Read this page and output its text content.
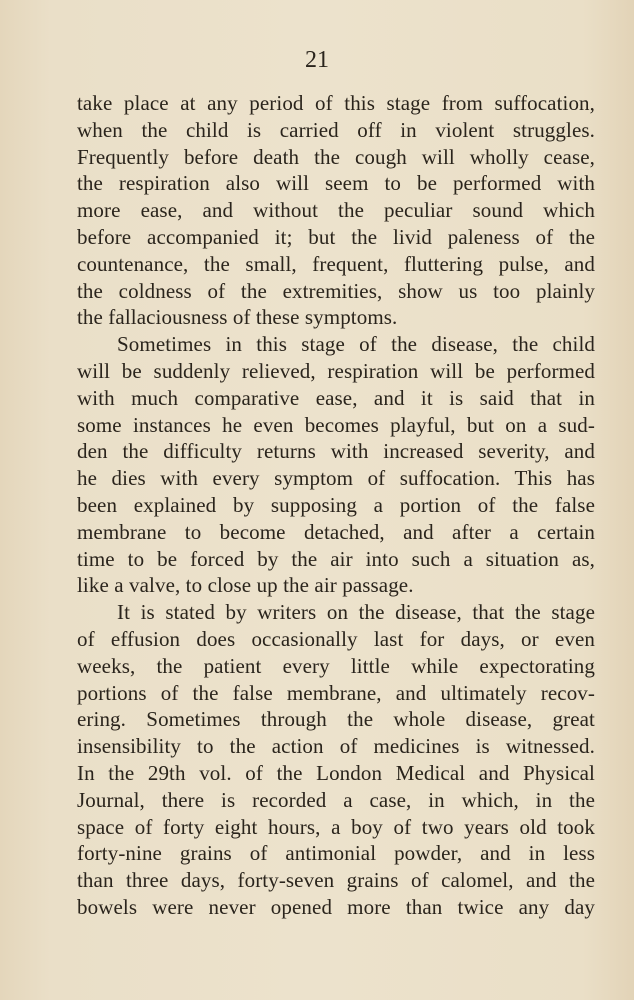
21
take place at any period of this stage from suffocation,
when the child is carried off in violent struggles.
Frequently before death the cough will wholly cease,
the respiration also will seem to be performed with
more ease, and without the peculiar sound which
before accompanied it; but the livid paleness of the
countenance, the small, frequent, fluttering pulse, and
the coldness of the extremities, show us too plainly
the fallaciousness of these symptoms.
Sometimes in this stage of the disease, the child
will be suddenly relieved, respiration will be performed
with much comparative ease, and it is said that in
some instances he even becomes playful, but on a sud-
den the difficulty returns with increased severity, and
he dies with every symptom of suffocation. This has
been explained by supposing a portion of the false
membrane to become detached, and after a certain
time to be forced by the air into such a situation as,
like a valve, to close up the air passage.
It is stated by writers on the disease, that the stage
of effusion does occasionally last for days, or even
weeks, the patient every little while expectorating
portions of the false membrane, and ultimately recov-
ering. Sometimes through the whole disease, great
insensibility to the action of medicines is witnessed.
In the 29th vol. of the London Medical and Physical
Journal, there is recorded a case, in which, in the
space of forty eight hours, a boy of two years old took
forty-nine grains of antimonial powder, and in less
than three days, forty-seven grains of calomel, and the
bowels were never opened more than twice any day
